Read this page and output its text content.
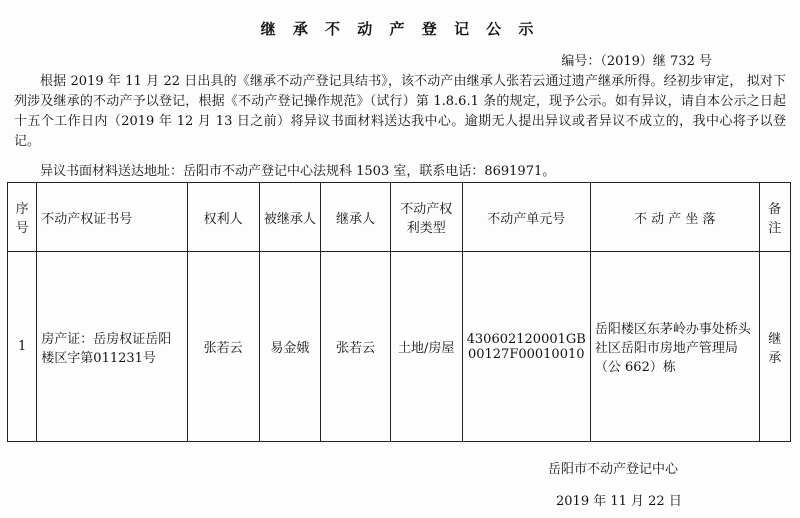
继 承 不 动 产 登 记 公 示
编号：（2019）继 732 号

根据 2019 年 11 月 22 日出具的《继承不动产登记具结书》，该不动产由继承人张若云通过遗产继承所得。经初步审定， 拟对下列涉及继承的不动产予以登记，根据《不动产登记操作规范》（试行）第 1.8.6.1 条的规定，现予公示。如有异议，请自本公示之日起十五个工作日内（2019 年 12 月 13 日之前）将异议书面材料送达我中心。逾期无人提出异议或者异议不成立的，我中心将予以登记。

异议书面材料送达地址：岳阳市不动产登记中心法规科 1503 室，联系电话：8691971。
序号	不动产权证书号	权利人	被继承人	继承人	不动产权利类型	不动产单元号	不 动 产 坐 落	备注
1	房产证：岳房权证岳阳楼区字第011231号	张若云	易金娥	张若云	土地/房屋	430602120001GB00127F00010010	岳阳楼区东茅岭办事处桥头社区岳阳市房地产管理局（公 662）栋	继承
岳阳市不动产登记中心
2019 年 11 月 22 日
